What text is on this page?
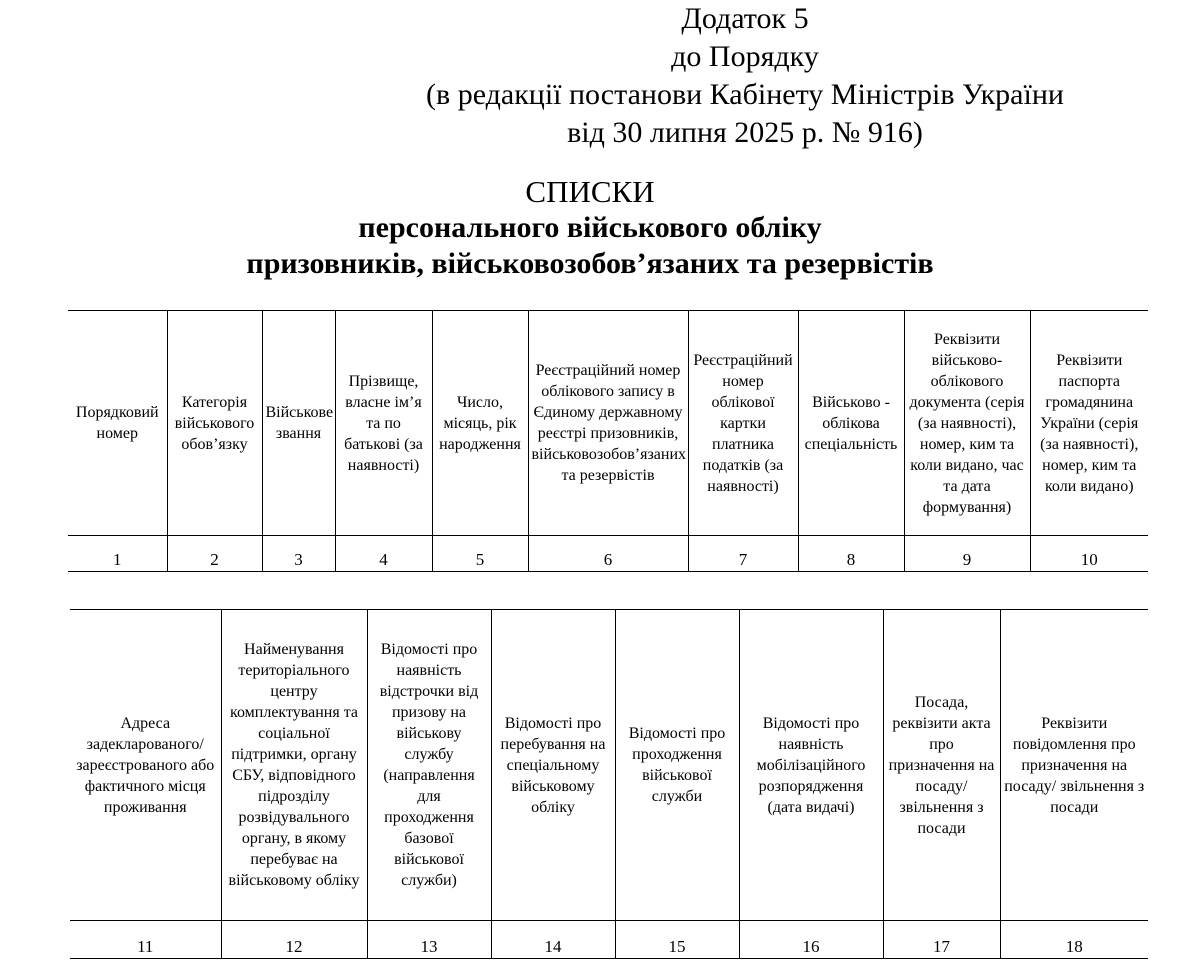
Додаток 5
до Порядку
(в редакції постанови Кабінету Міністрів України
від 30 липня 2025 р. № 916)
СПИСКИ
персонального військового обліку
призовників, військовозобов’язаних та резервістів
Порядковий номер	Категорія військового обов’язку	Військове звання	Прізвище, власне ім’я та по батькові (за наявності)	Число, місяць, рік народження	Реєстраційний номер облікового запису в Єдиному державному реєстрі призовників, військовозобов’язаних та резервістів	Реєстраційний номер облікової картки платника податків (за наявності)	Військово - облікова спеціальність	Реквізити військово-облікового документа (серія (за наявності), номер, ким та коли видано, час та дата формування)	Реквізити паспорта громадянина України (серія (за наявності), номер, ким та коли видано)
1	2	3	4	5	6	7	8	9	10
Адреса задекларованого/ зареєстрованого або фактичного місця проживання	Найменування територіального центру комплектування та соціальної підтримки, органу СБУ, відповідного підрозділу розвідувального органу, в якому перебуває на військовому обліку	Відомості про наявність відстрочки від призову на військову службу (направлення для проходження базової військової служби)	Відомості про перебування на спеціальному військовому обліку	Відомості про проходження військової служби	Відомості про наявність мобілізаційного розпорядження (дата видачі)	Посада, реквізити акта про призначення на посаду/ звільнення з посади	Реквізити повідомлення про призначення на посаду/ звільнення з посади
11	12	13	14	15	16	17	18
